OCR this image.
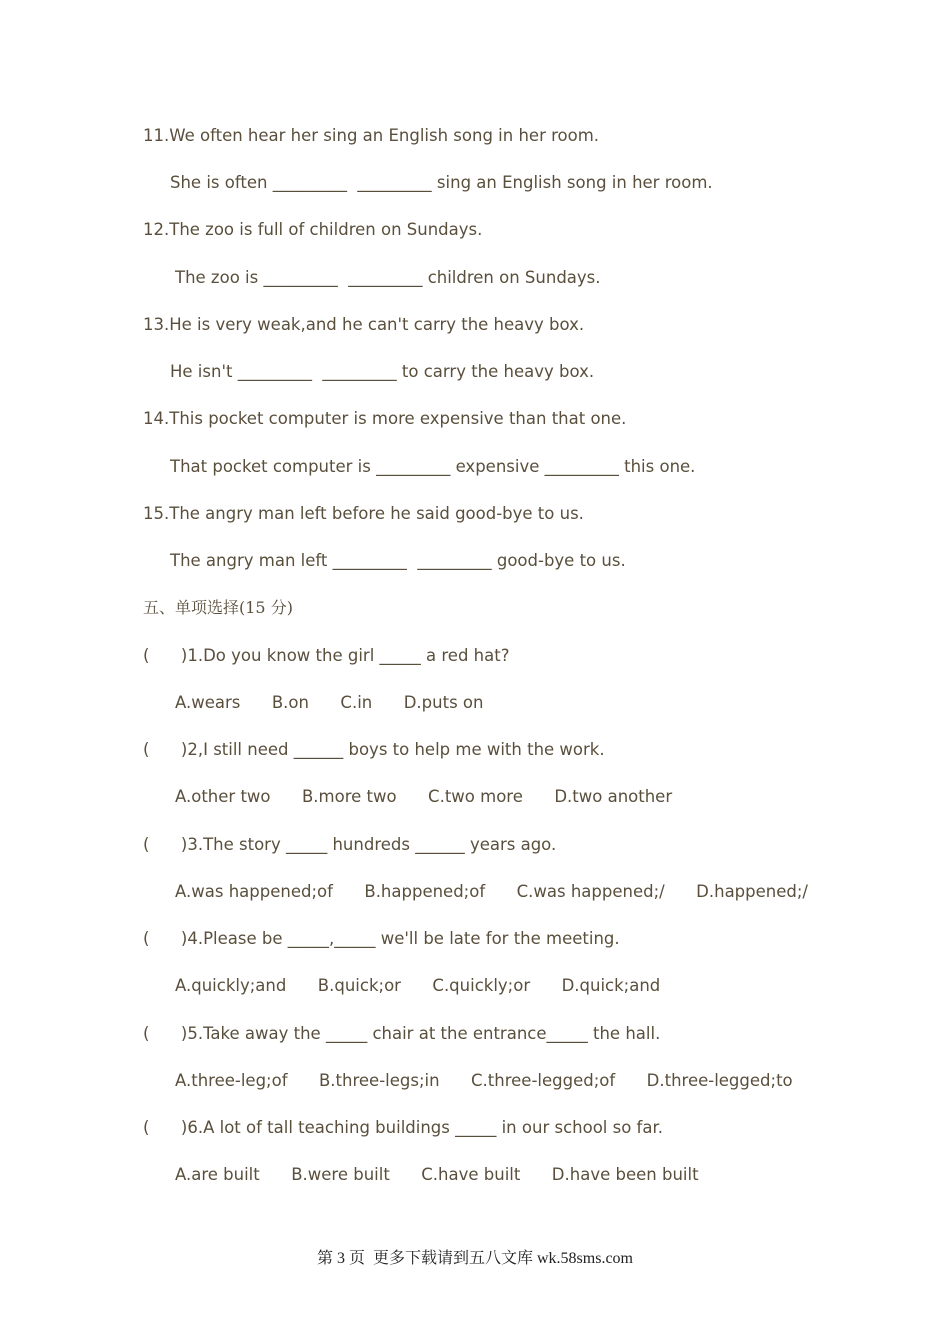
11.We often hear her sing an English song in her room.
She is often _________  _________ sing an English song in her room.
12.The zoo is full of children on Sundays.
The zoo is _________  _________ children on Sundays.
13.He is very weak,and he can't carry the heavy box.
He isn't _________  _________ to carry the heavy box.
14.This pocket computer is more expensive than that one.
That pocket computer is _________ expensive _________ this one.
15.The angry man left before he said good-bye to us.
The angry man left _________  _________ good-bye to us.
五、单项选择(15 分)
(      )1.Do you know the girl _____ a red hat?
A.wears      B.on      C.in      D.puts on
(      )2,I still need ______ boys to help me with the work.
A.other two      B.more two      C.two more      D.two another
(      )3.The story _____ hundreds ______ years ago.
A.was happened;of      B.happened;of      C.was happened;/      D.happened;/
(      )4.Please be _____,_____ we'll be late for the meeting.
A.quickly;and      B.quick;or      C.quickly;or      D.quick;and
(      )5.Take away the _____ chair at the entrance_____ the hall.
A.three-leg;of      B.three-legs;in      C.three-legged;of      D.three-legged;to
(      )6.A lot of tall teaching buildings _____ in our school so far.
A.are built      B.were built      C.have built      D.have been built
第 3 页  更多下载请到五八文库 wk.58sms.com
